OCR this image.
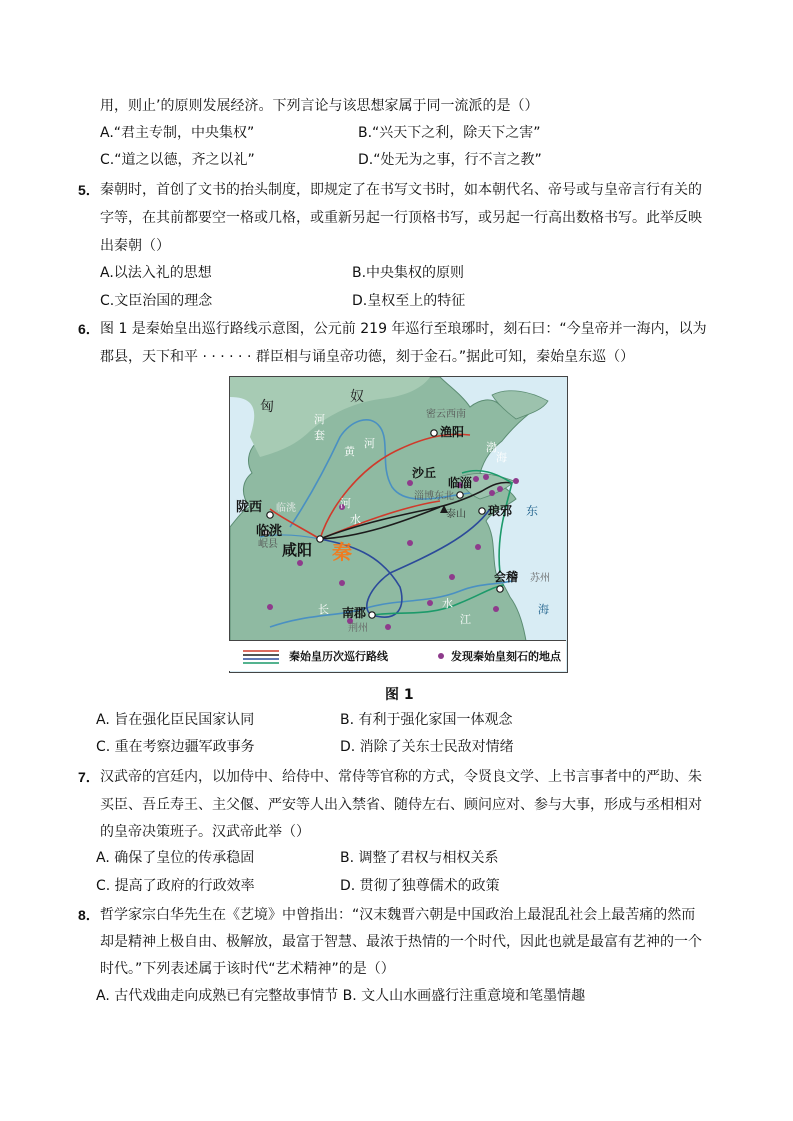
用，则止’的原则发展经济。下列言论与该思想家属于同一流派的是（）
A.“君主专制，中央集权”	B.“兴天下之利，除天下之害”
C.“道之以德，齐之以礼”	D.“处无为之事，行不言之教”
5． 秦朝时，首创了文书的抬头制度，即规定了在书写文书时，如本朝代名、帝号或与皇帝言行有关的
字等，在其前都要空一格或几格，或重新另起一行顶格书写，或另起一行高出数格书写。此举反映
出秦朝（）
A.以法入礼的思想	B.中央集权的原则
C.文臣治国的理念	D.皇权至上的特征
6． 图 1 是秦始皇出巡行路线示意图，公元前 219 年巡行至琅琊时，刻石曰：“今皇帝并一海内，以为
郡县，天下和平 · · · · · · 群臣相与诵皇帝功德，刻于金石。”据此可知，秦始皇东巡（）
匈
奴
密云西南
渔阳
河
套
黄
河	渤
海
沙丘
临淄
淄博东北
泰山 琅邪 东
陇西 临洮
临洮
岷县 咸阳 秦
水
河
会稽 苏州
南郡
荆州
长
江
水	海
秦始皇历次巡行路线	发现秦始皇刻石的地点
图 1
A. 旨在强化臣民国家认同	B. 有利于强化家国一体观念
C. 重在考察边疆军政事务	D. 消除了关东士民敌对情绪
7． 汉武帝的宫廷内，以加侍中、给侍中、常侍等官称的方式，令贤良文学、上书言事者中的严助、朱
买臣、吾丘寿王、主父偃、严安等人出入禁省、随侍左右、顾问应对、参与大事，形成与丞相相对
的皇帝决策班子。汉武帝此举（）
A. 确保了皇位的传承稳固	B. 调整了君权与相权关系
C. 提高了政府的行政效率	D. 贯彻了独尊儒术的政策
8． 哲学家宗白华先生在《艺境》中曾指出：“汉末魏晋六朝是中国政治上最混乱社会上最苦痛的然而
却是精神上极自由、极解放，最富于智慧、最浓于热情的一个时代，因此也就是最富有艺神的一个
时代。”下列表述属于该时代“艺术精神”的是（）
A. 古代戏曲走向成熟已有完整故事情节 B. 文人山水画盛行注重意境和笔墨情趣
